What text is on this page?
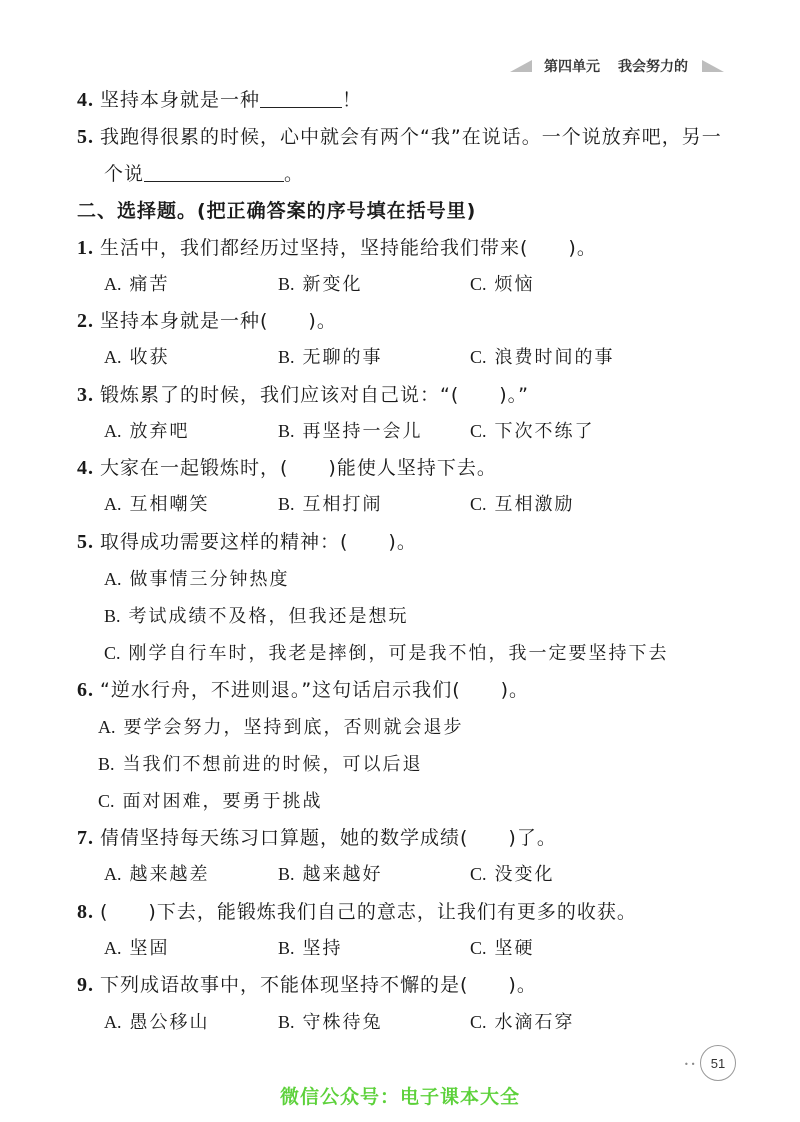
第四单元 我会努力的
4. 坚持本身就是一种	！
5. 我跑得很累的时候，心中就会有两个“我”在说话。一个说放弃吧，另一
个说	。
二、选择题。(把正确答案的序号填在括号里)
1. 生活中，我们都经历过坚持，坚持能给我们带来(　　)。
A. 痛苦	B. 新变化	C. 烦恼
2. 坚持本身就是一种(　　)。
A. 收获	B. 无聊的事	C. 浪费时间的事
3. 锻炼累了的时候，我们应该对自己说：“(　　)。”
A. 放弃吧	B. 再坚持一会儿	C. 下次不练了
4. 大家在一起锻炼时，(　　)能使人坚持下去。
A. 互相嘲笑	B. 互相打闹	C. 互相激励
5. 取得成功需要这样的精神：(　　)。
A. 做事情三分钟热度
B. 考试成绩不及格，但我还是想玩
C. 刚学自行车时，我老是摔倒，可是我不怕，我一定要坚持下去
6. “逆水行舟，不进则退。”这句话启示我们(　　)。
A. 要学会努力，坚持到底，否则就会退步
B. 当我们不想前进的时候，可以后退
C. 面对困难，要勇于挑战
7. 倩倩坚持每天练习口算题，她的数学成绩(　　)了。
A. 越来越差	B. 越来越好	C. 没变化
8. (　　)下去，能锻炼我们自己的意志，让我们有更多的收获。
A. 坚固	B. 坚持	C. 坚硬
9. 下列成语故事中，不能体现坚持不懈的是(　　)。
A. 愚公移山	B. 守株待兔	C. 水滴石穿
••	51
微信公众号：电子课本大全
